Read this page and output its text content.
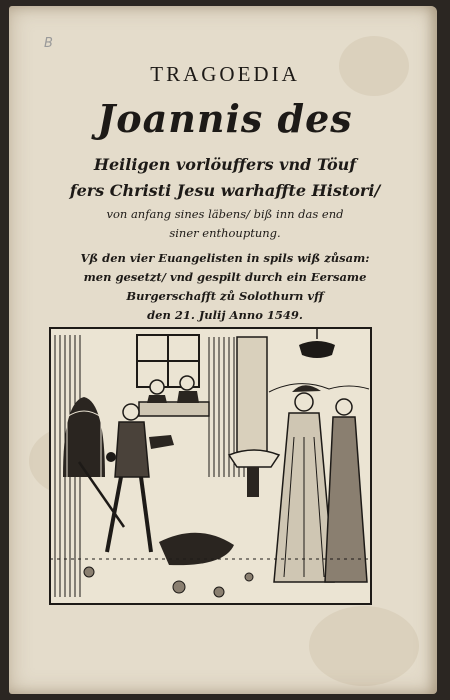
B
TRAGOEDIA
Joannis des
Heiligen vorlöuffers vnd Töuf
fers Christi Jesu warhaffte Histori/
von anfang sines läbens/ biß inn das end
siner enthouptung.
Vß den vier Euangelisten in spils wiß zůsam:
men gesetzt/ vnd gespilt durch ein Eersame
Burgerschafft zů Solothurn vff
den 21. Julij Anno 1549.
